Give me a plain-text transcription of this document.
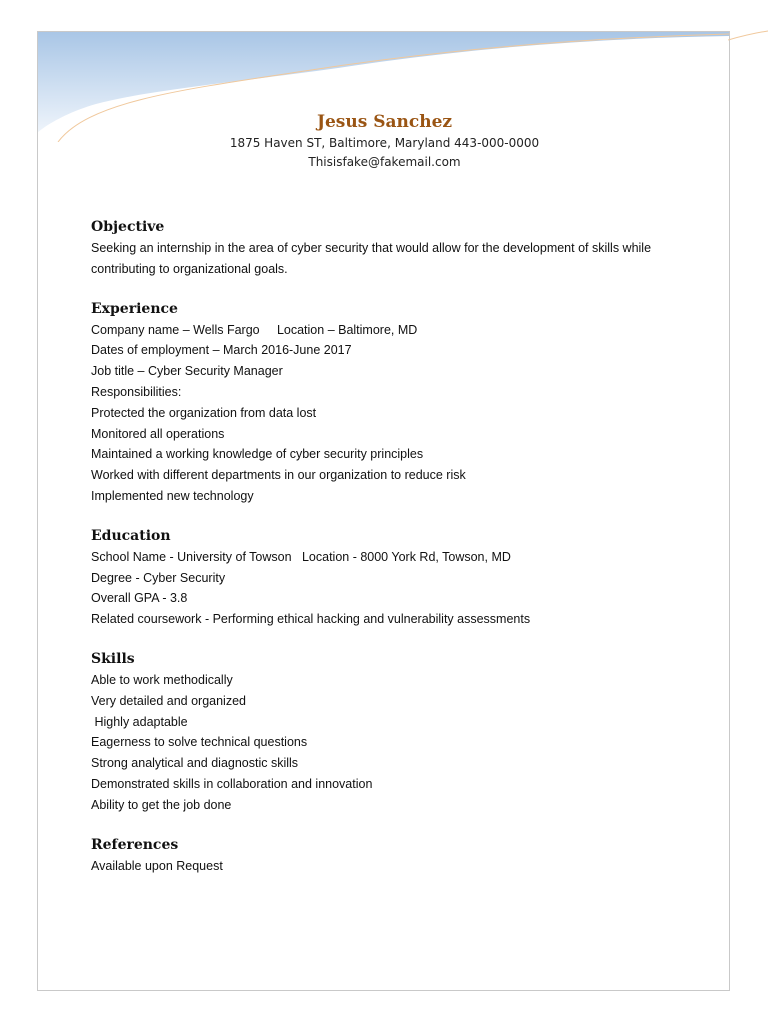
Jesus Sanchez
1875 Haven ST, Baltimore, Maryland 443-000-0000
Thisisfake@fakemail.com
Objective
Seeking an internship in the area of cyber security that would allow for the development of skills while
contributing to organizational goals.
Experience
Company name – Wells Fargo     Location – Baltimore, MD
Dates of employment – March 2016-June 2017
Job title – Cyber Security Manager
Responsibilities:
Protected the organization from data lost
Monitored all operations
Maintained a working knowledge of cyber security principles
Worked with different departments in our organization to reduce risk
Implemented new technology
Education
School Name - University of Towson   Location - 8000 York Rd, Towson, MD
Degree - Cyber Security
Overall GPA - 3.8
Related coursework - Performing ethical hacking and vulnerability assessments
Skills
Able to work methodically
Very detailed and organized
Highly adaptable
Eagerness to solve technical questions
Strong analytical and diagnostic skills
Demonstrated skills in collaboration and innovation
Ability to get the job done
References
Available upon Request
